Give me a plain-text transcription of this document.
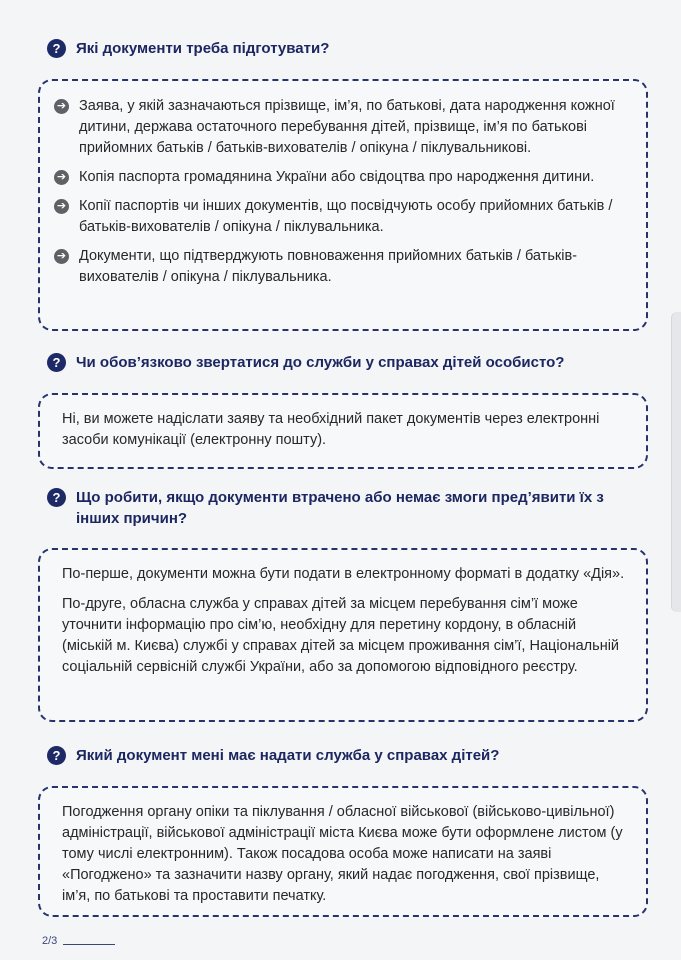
?	Які документи треба підготувати?
➔ Заява, у якій зазначаються прізвище, ім’я, по батькові, дата народження кожної дитини, держава остаточного перебування дітей, прізвище, ім’я по батькові прийомних батьків / батьків-вихователів / опікуна / піклувальникові.
➔ Копія паспорта громадянина України або свідоцтва про народження дитини.
➔ Копії паспортів чи інших документів, що посвідчують особу прийомних батьків / батьків-вихователів / опікуна / піклувальника.
➔ Документи, що підтверджують повноваження прийомних батьків / батьків-вихователів / опікуна / піклувальника.
?	Чи обов’язково звертатися до служби у справах дітей особисто?

Ні, ви можете надіслати заяву та необхідний пакет документів через електронні засоби комунікації (електронну пошту).

?	Що робити, якщо документи втрачено або немає змоги пред’явити їх з інших причин?

По-перше, документи можна бути подати в електронному форматі в додатку «Дія».

По-друге, обласна служба у справах дітей за місцем перебування сім’ї може уточнити інформацію про сім’ю, необхідну для перетину кордону, в обласній (міській м. Києва) службі у справах дітей за місцем проживання сім’ї, Національній соціальній сервісній службі України, або за допомогою відповідного реєстру.

?	Який документ мені має надати служба у справах дітей?

Погодження органу опіки та піклування / обласної військової (військово-цивільної) адміністрації, військової адміністрації міста Києва може бути оформлене листом (у тому числі електронним). Також посадова особа може написати на заяві «Погоджено» та зазначити назву органу, який надає погодження, свої прізвище, ім’я, по батькові та проставити печатку.

2/3
